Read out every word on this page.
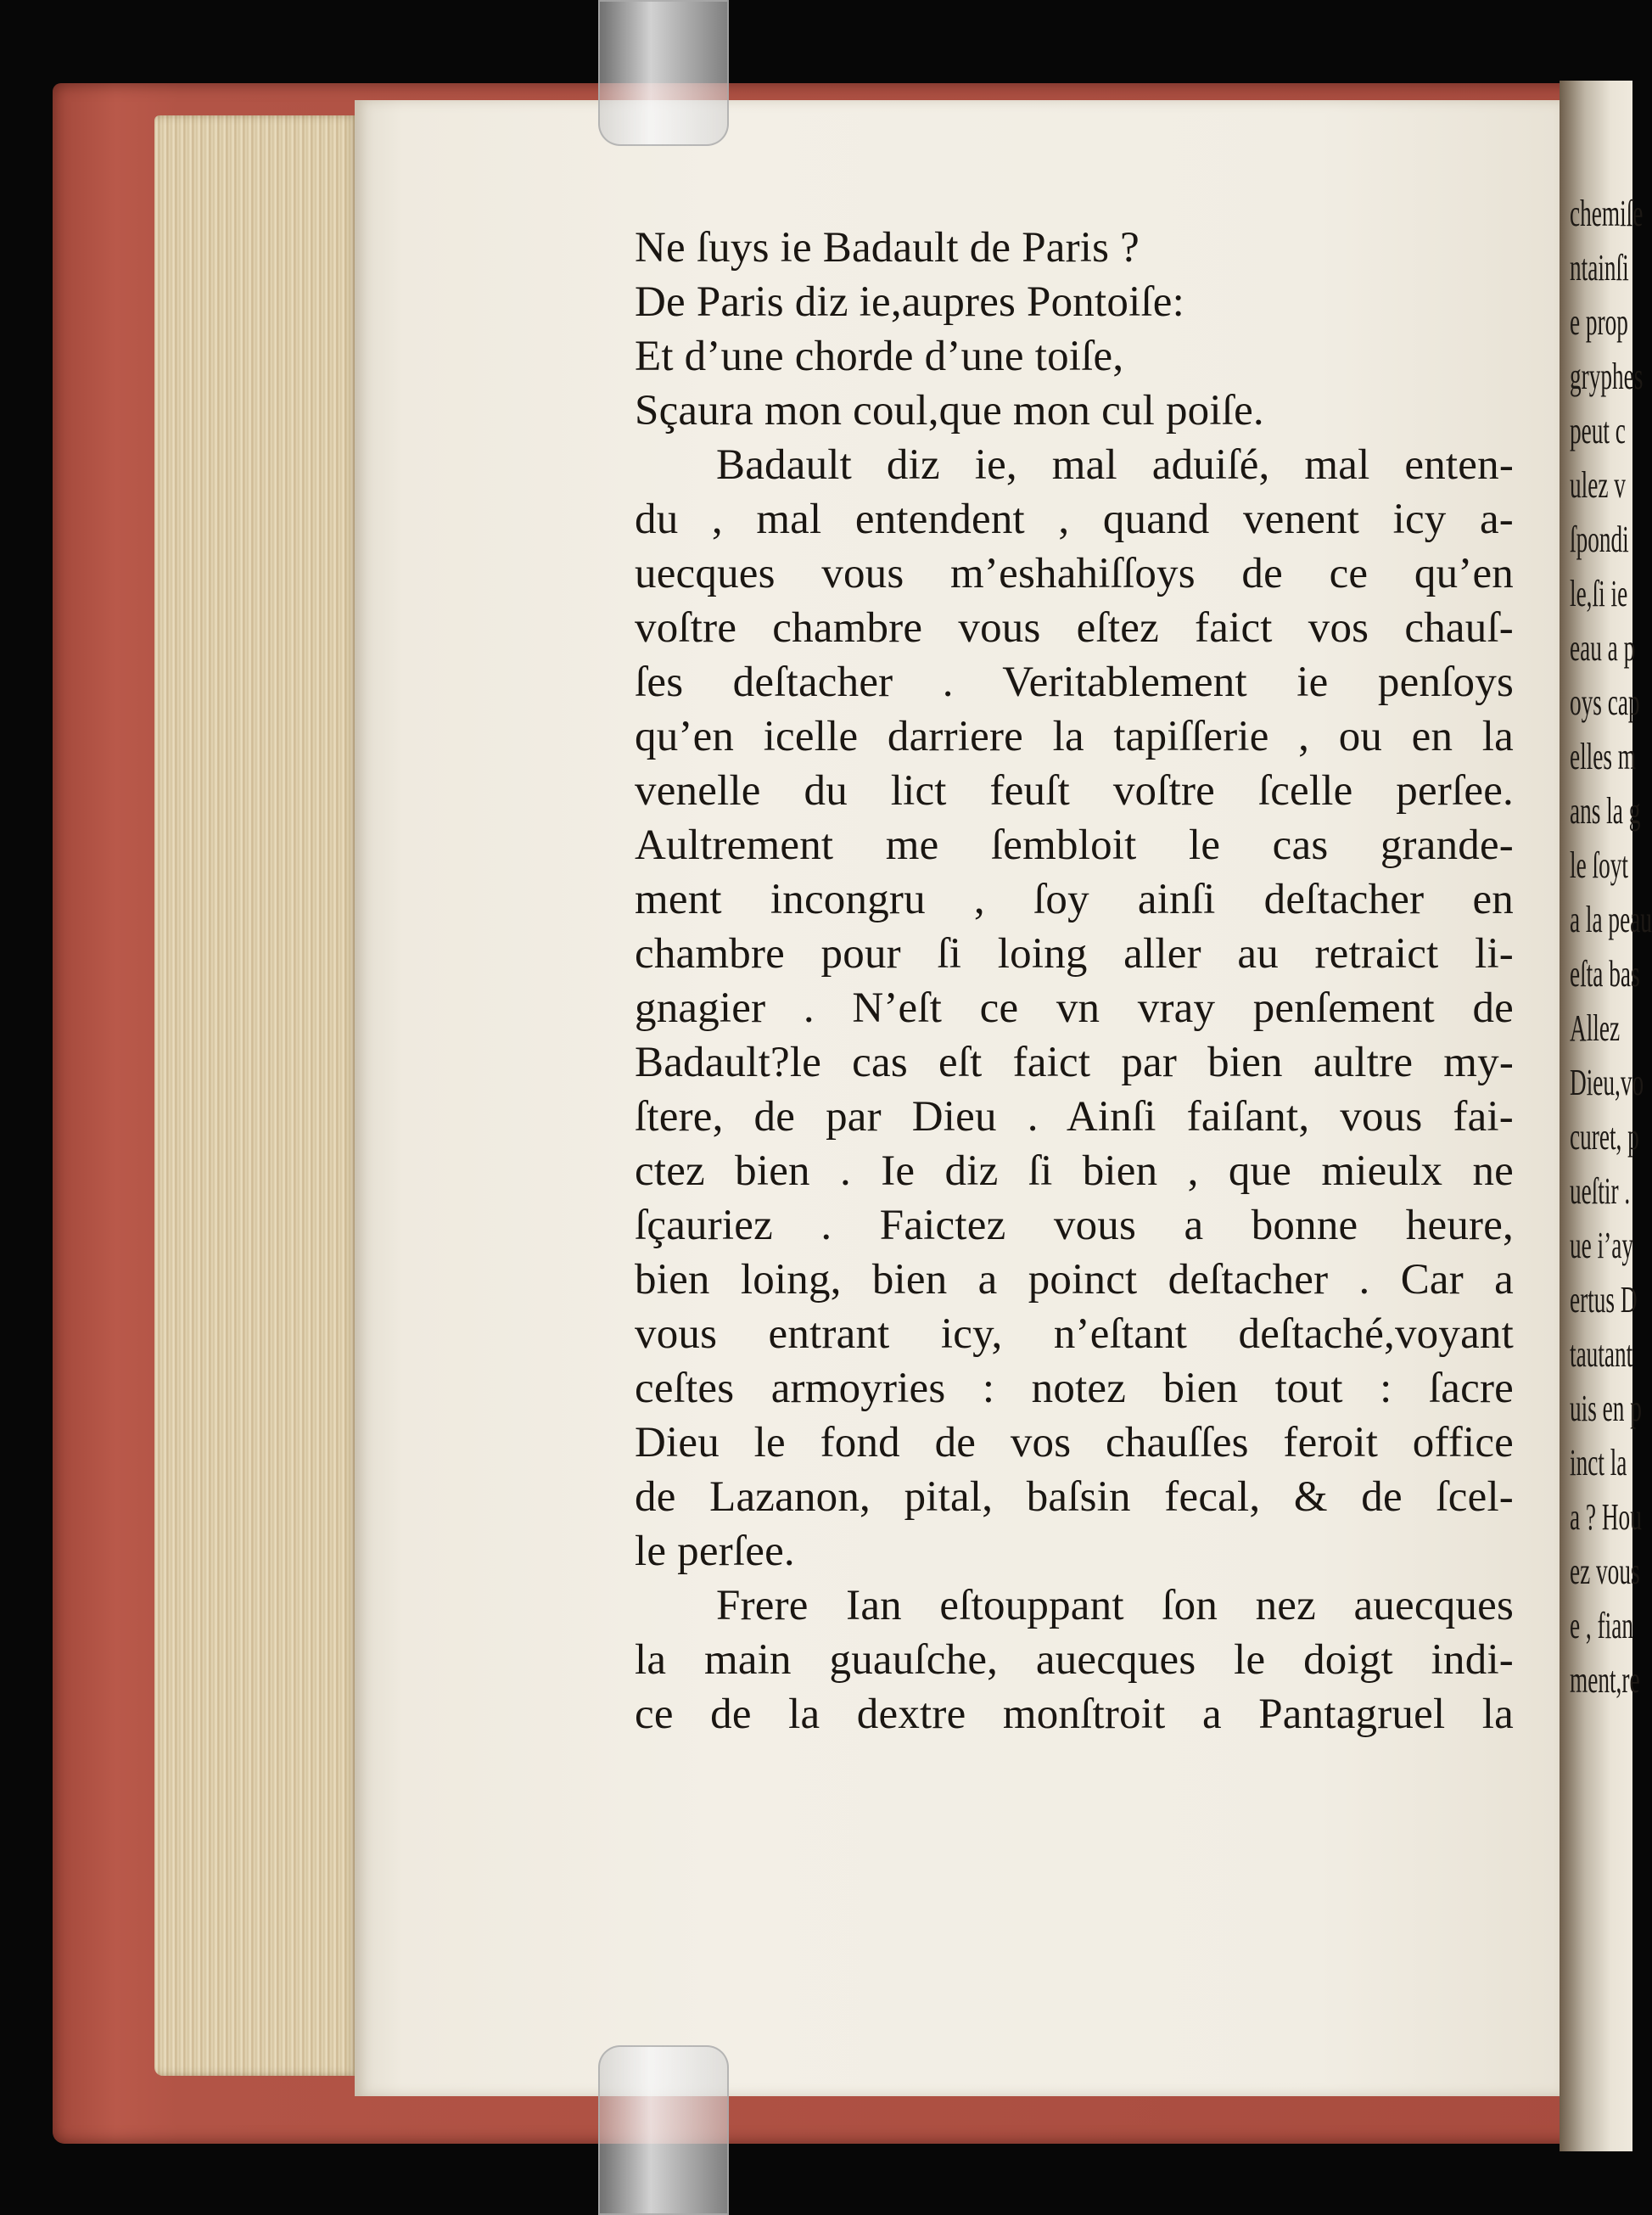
Ne ſuys ie Badault de Paris ?
De Paris diz ie,aupres Pontoiſe:
Et d’une chorde d’une toiſe,
Sçaura mon coul,que mon cul poiſe.
Badault diz ie, mal aduiſé, mal enten-
du , mal entendent , quand venent icy a-
uecques vous m’eshahiſſoys de ce qu’en
voſtre chambre vous eſtez faict vos chauſ-
ſes deſtacher . Veritablement ie penſoys
qu’en icelle darriere la tapiſſerie , ou en la
venelle du lict feuſt voſtre ſcelle perſee.
Aultrement me ſembloit le cas grande-
ment incongru , ſoy ainſi deſtacher en
chambre pour ſi loing aller au retraict li-
gnagier . N’eſt ce vn vray penſement de
Badault?le cas eſt faict par bien aultre my-
ſtere, de par Dieu . Ainſi faiſant, vous fai-
ctez bien . Ie diz ſi bien , que mieulx ne
ſçauriez . Faictez vous a bonne heure,
bien loing, bien a poinct deſtacher . Car a
vous entrant icy, n’eſtant deſtaché,voyant
ceſtes armoyries : notez bien tout : ſacre
Dieu le fond de vos chauſſes feroit office
de Lazanon, pital, baſsin fecal, & de ſcel-
le perſee.
Frere Ian eſtouppant ſon nez auecques
la main guauſche, auecques le doigt indi-
ce de la dextre monſtroit a Pantagruel la
chemiſe
ntainſi
e prop
gryphes
peut c
ulez v
ſpondi
le,ſi ie
eau a p
oys cap
elles m
ans la g
le ſoyt
a la peau
eſta bas
Allez
Dieu,vo
curet, p
ueſtir .
ue i’ay
ertus D
tautant
uis en p
inct la
a ? Hou
ez vous
e , fian
ment,re
